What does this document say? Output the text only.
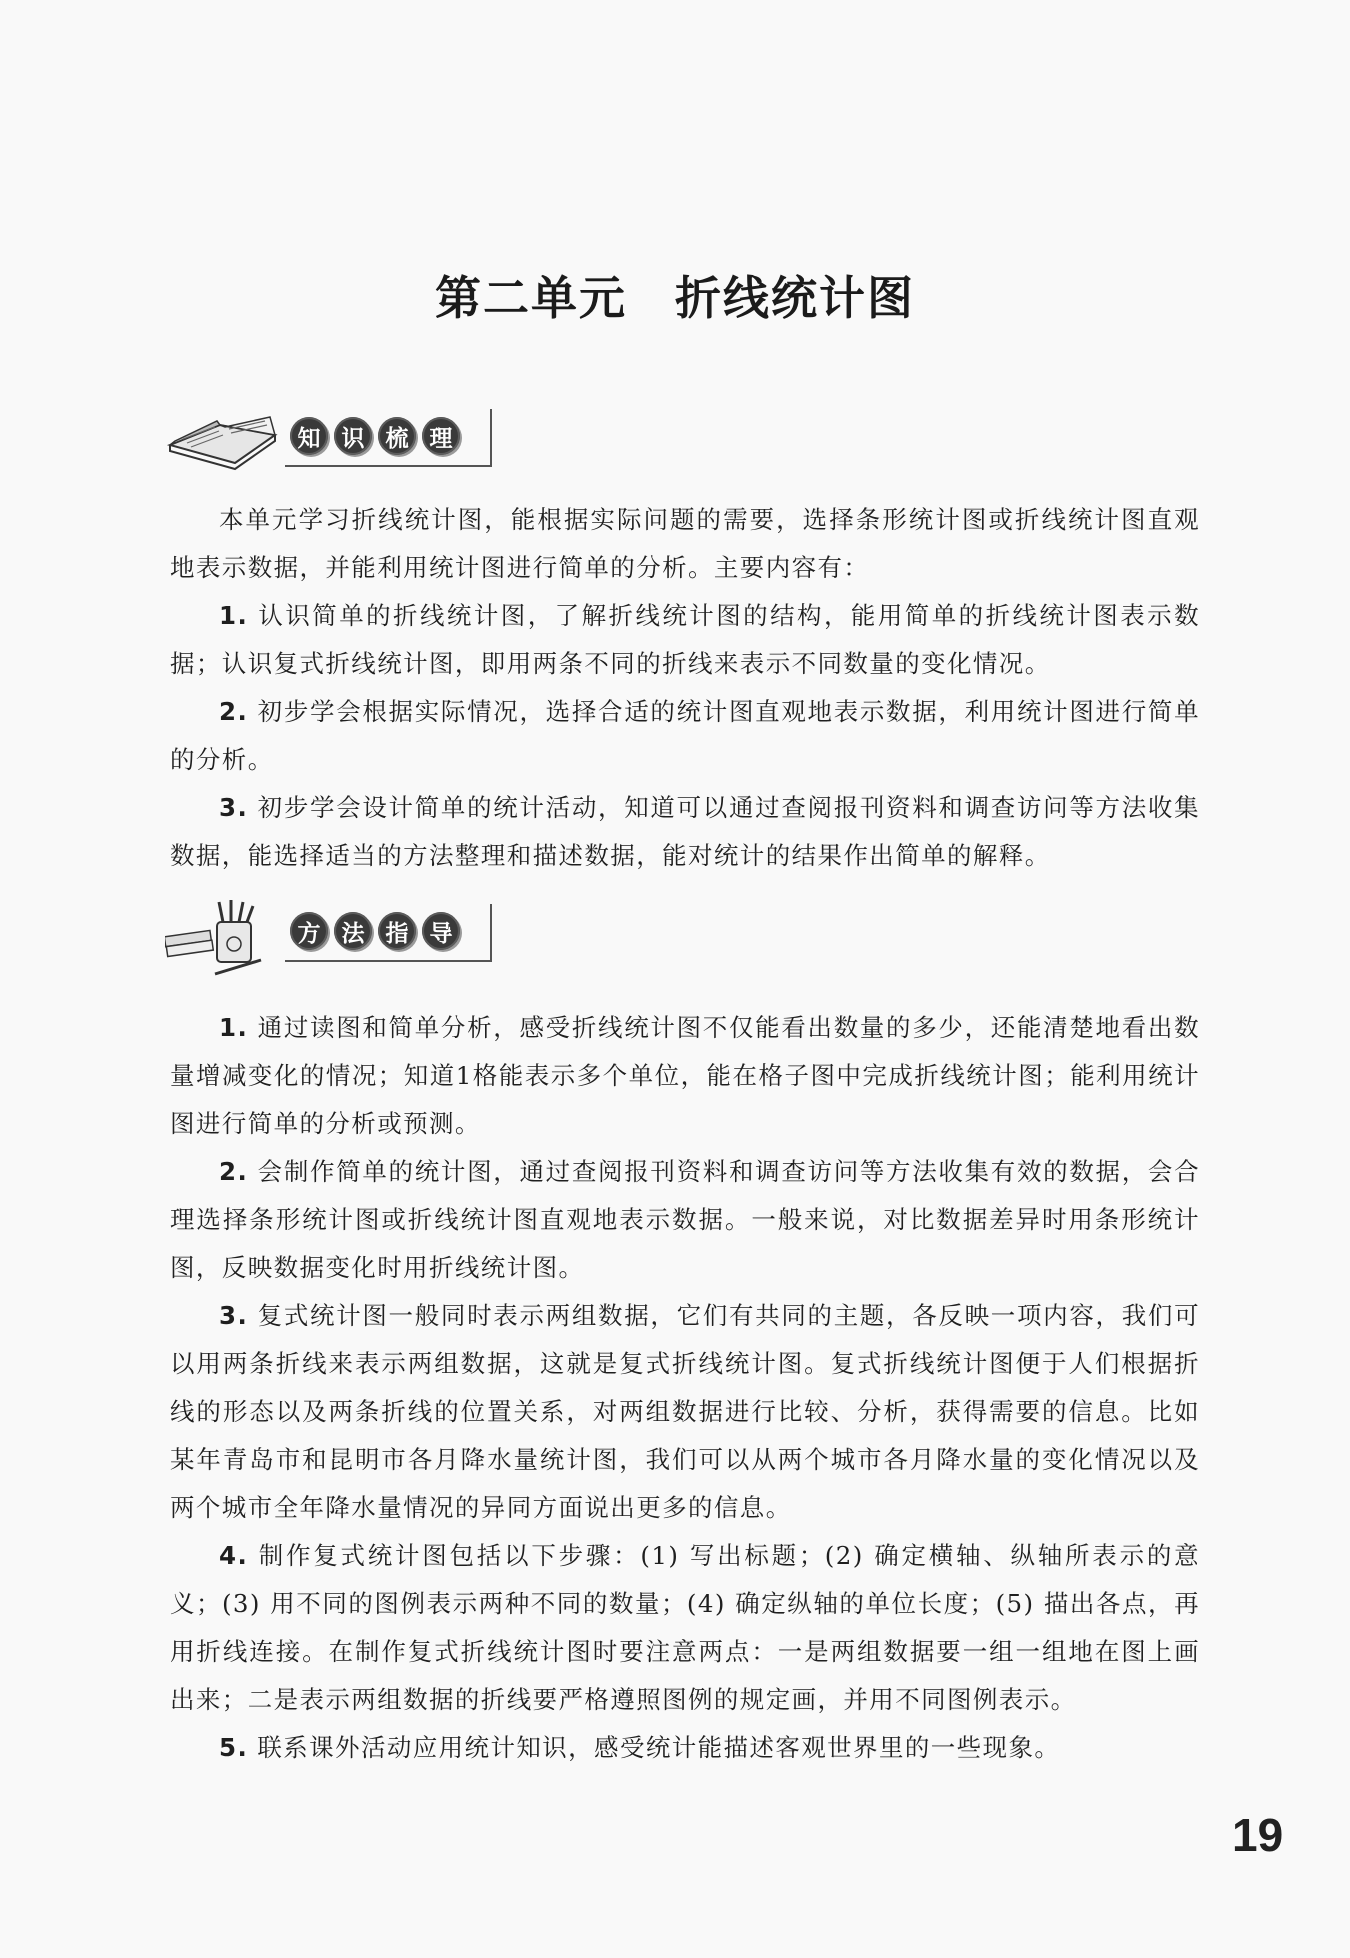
第二单元 折线统计图
知 识 梳 理

本单元学习折线统计图，能根据实际问题的需要，选择条形统计图或折线统计图直观地表示数据，并能利用统计图进行简单的分析。主要内容有：

1. 认识简单的折线统计图，了解折线统计图的结构，能用简单的折线统计图表示数据；认识复式折线统计图，即用两条不同的折线来表示不同数量的变化情况。

2. 初步学会根据实际情况，选择合适的统计图直观地表示数据，利用统计图进行简单的分析。

3. 初步学会设计简单的统计活动，知道可以通过查阅报刊资料和调查访问等方法收集数据，能选择适当的方法整理和描述数据，能对统计的结果作出简单的解释。

方 法 指 导

1. 通过读图和简单分析，感受折线统计图不仅能看出数量的多少，还能清楚地看出数量增减变化的情况；知道1格能表示多个单位，能在格子图中完成折线统计图；能利用统计图进行简单的分析或预测。

2. 会制作简单的统计图，通过查阅报刊资料和调查访问等方法收集有效的数据，会合理选择条形统计图或折线统计图直观地表示数据。一般来说，对比数据差异时用条形统计图，反映数据变化时用折线统计图。

3. 复式统计图一般同时表示两组数据，它们有共同的主题，各反映一项内容，我们可以用两条折线来表示两组数据，这就是复式折线统计图。复式折线统计图便于人们根据折线的形态以及两条折线的位置关系，对两组数据进行比较、分析，获得需要的信息。比如某年青岛市和昆明市各月降水量统计图，我们可以从两个城市各月降水量的变化情况以及两个城市全年降水量情况的异同方面说出更多的信息。

4. 制作复式统计图包括以下步骤：(1) 写出标题；(2) 确定横轴、纵轴所表示的意义；(3) 用不同的图例表示两种不同的数量；(4) 确定纵轴的单位长度；(5) 描出各点，再用折线连接。在制作复式折线统计图时要注意两点：一是两组数据要一组一组地在图上画出来；二是表示两组数据的折线要严格遵照图例的规定画，并用不同图例表示。

5. 联系课外活动应用统计知识，感受统计能描述客观世界里的一些现象。

19
